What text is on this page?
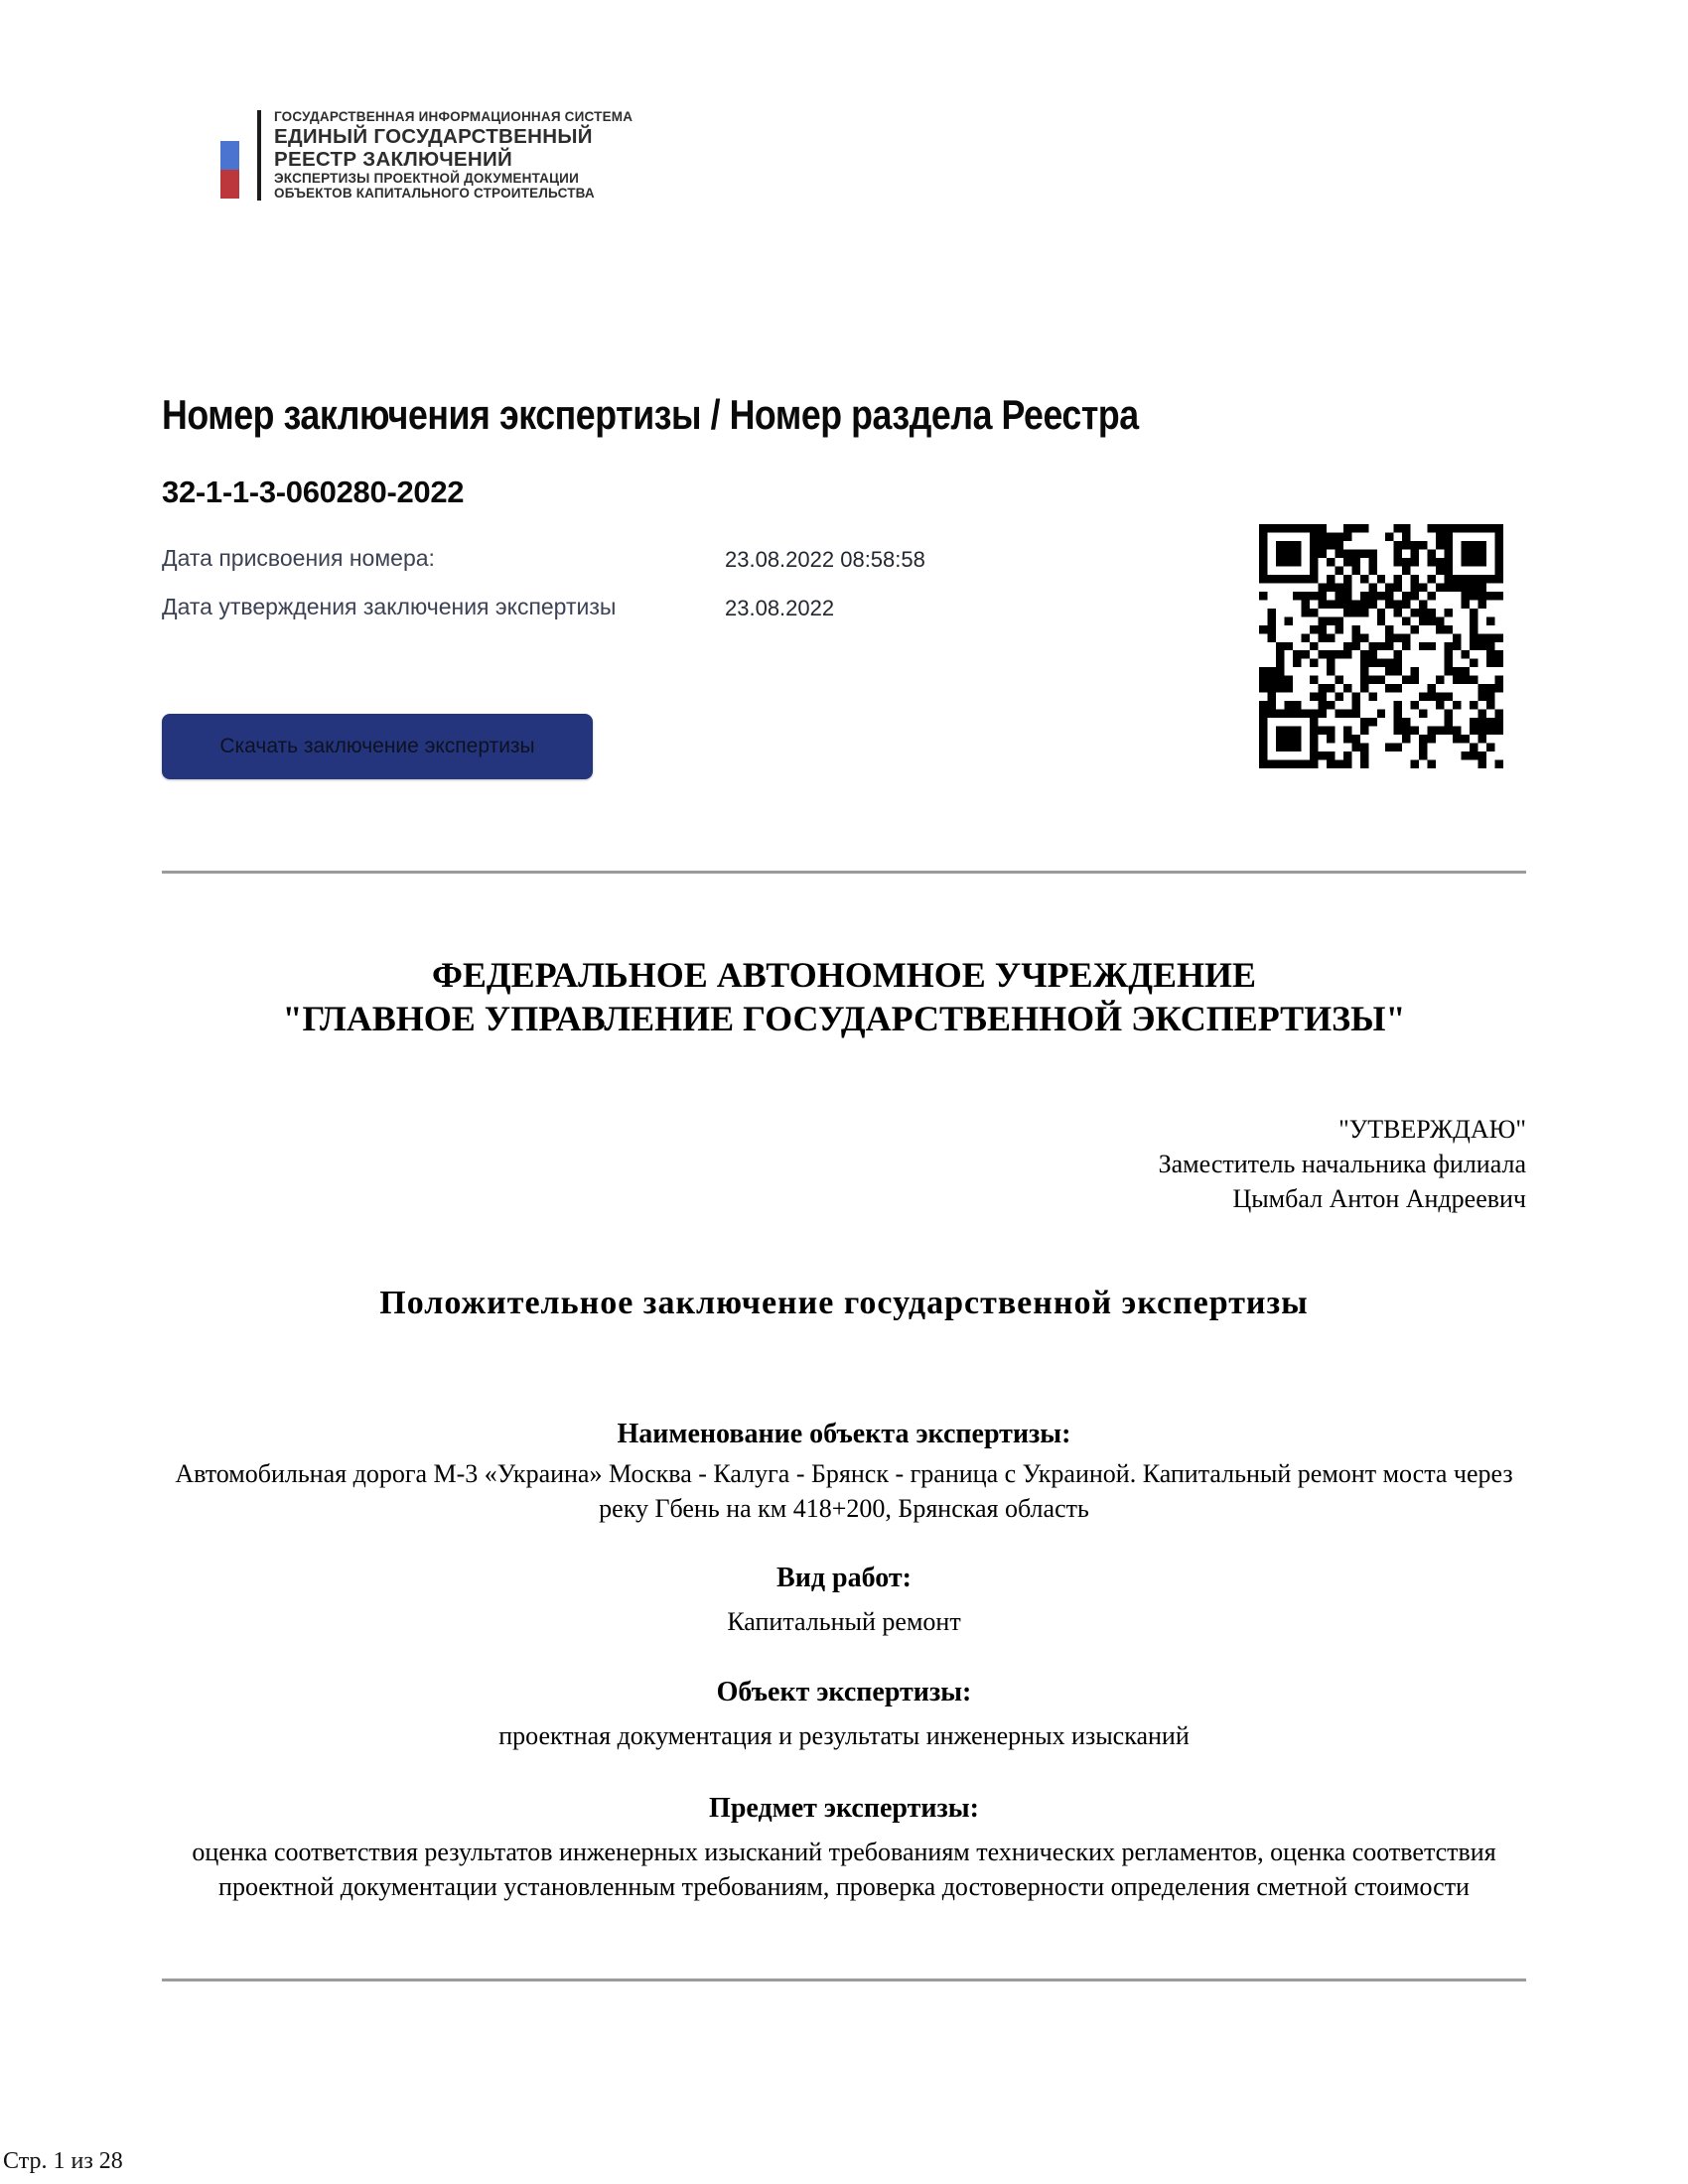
ГОСУДАРСТВЕННАЯ ИНФОРМАЦИОННАЯ СИСТЕМА
ЕДИНЫЙ ГОСУДАРСТВЕННЫЙ
РЕЕСТР ЗАКЛЮЧЕНИЙ
ЭКСПЕРТИЗЫ ПРОЕКТНОЙ ДОКУМЕНТАЦИИ
ОБЪЕКТОВ КАПИТАЛЬНОГО СТРОИТЕЛЬСТВА
Номер заключения экспертизы / Номер раздела Реестра
32-1-1-3-060280-2022
Дата присвоения номера:	23.08.2022 08:58:58
Дата утверждения заключения экспертизы	23.08.2022
Скачать заключение экспертизы
ФЕДЕРАЛЬНОЕ АВТОНОМНОЕ УЧРЕЖДЕНИЕ
"ГЛАВНОЕ УПРАВЛЕНИЕ ГОСУДАРСТВЕННОЙ ЭКСПЕРТИЗЫ"
"УТВЕРЖДАЮ"
Заместитель начальника филиала
Цымбал Антон Андреевич
Положительное заключение государственной экспертизы
Наименование объекта экспертизы:
Автомобильная дорога М-3 «Украина» Москва - Калуга - Брянск - граница с Украиной. Капитальный ремонт моста через реку Гбень на км 418+200, Брянская область
Вид работ:
Капитальный ремонт
Объект экспертизы:
проектная документация и результаты инженерных изысканий
Предмет экспертизы:
оценка соответствия результатов инженерных изысканий требованиям технических регламентов, оценка соответствия проектной документации установленным требованиям, проверка достоверности определения сметной стоимости
Стр. 1 из 28
